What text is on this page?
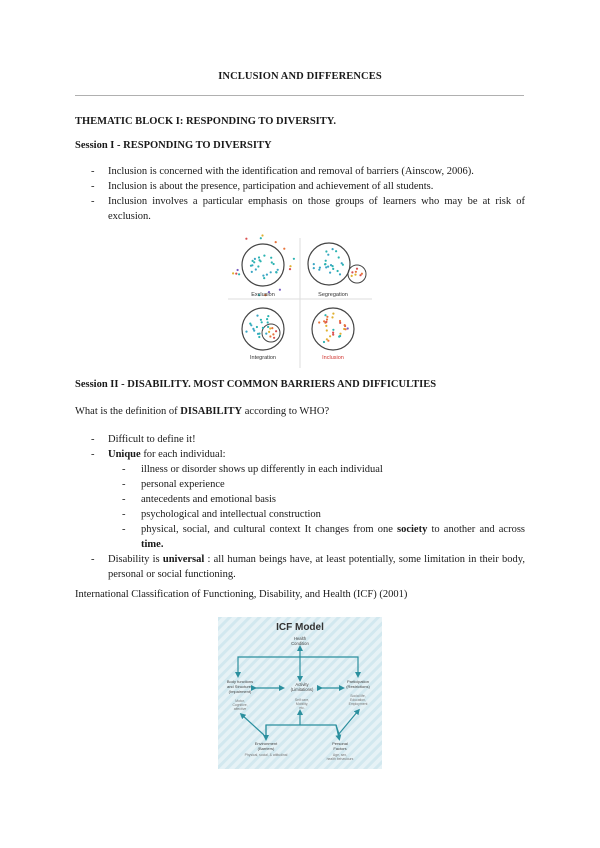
INCLUSION AND DIFFERENCES
THEMATIC BLOCK I: RESPONDING TO DIVERSITY.
Session I - RESPONDING TO DIVERSITY
- Inclusion is concerned with the identification and removal of barriers (Ainscow, 2006).
- Inclusion is about the presence, participation and achievement of all students.
- Inclusion involves a particular emphasis on those groups of learners who may be at risk of exclusion.
Exclusion	Segregation
Integration	Inclusion
Session II - DISABILITY. MOST COMMON BARRIERS AND DIFFICULTIES
What is the definition of DISABILITY according to WHO?
- Difficult to define it!
- Unique for each individual:
- illness or disorder shows up differently in each individual
- personal experience
- antecedents and emotional basis
- psychological and intellectual construction
- physical, social, and cultural context It changes from one society to another and across time.
- Disability is universal : all human beings have, at least potentially, some limitation in their body, personal or social functioning.
International Classification of Functioning, Disability, and Health (ICF) (2001)
ICF Model
Health
Condition
Body functions
and Structures
(Impairment)
Motor,
Cognitive,
affective
Activity
(Limitations)
Self care,
Mobility,
etc.
Participation
(Restrictions)
Social life,
Education,
Employment
Environment
(Barriers)
Physical, social, & attitudinal
Personal
Factors
Age, sex,
health behaviours
